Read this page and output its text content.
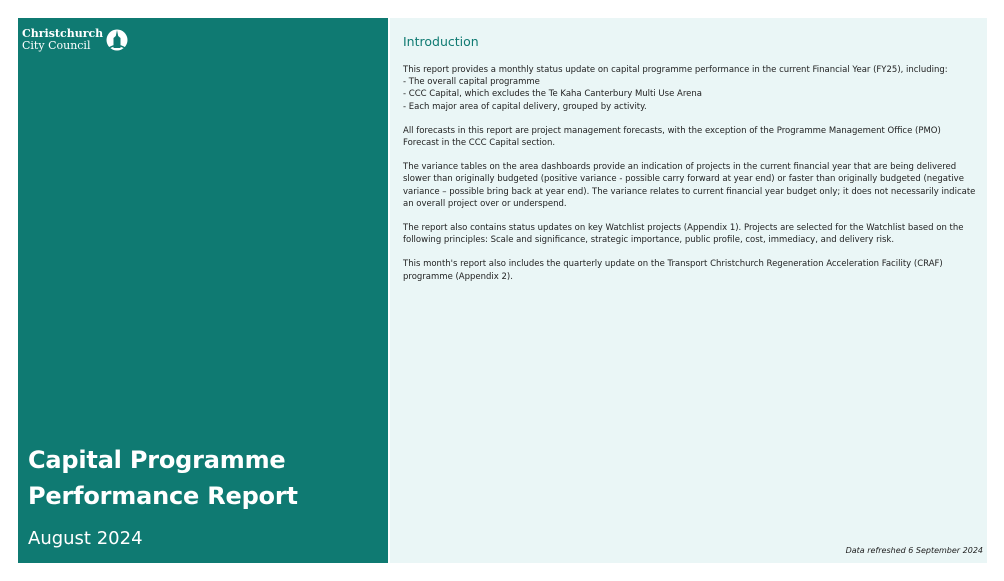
Christchurch
City Council
Capital Programme
Performance Report
August 2024
Introduction

This report provides a monthly status update on capital programme performance in the current Financial Year (FY25), including:
- The overall capital programme
- CCC Capital, which excludes the Te Kaha Canterbury Multi Use Arena
- Each major area of capital delivery, grouped by activity.

All forecasts in this report are project management forecasts, with the exception of the Programme Management Office (PMO) Forecast in the CCC Capital section.

The variance tables on the area dashboards provide an indication of projects in the current financial year that are being delivered slower than originally budgeted (positive variance - possible carry forward at year end) or faster than originally budgeted (negative variance – possible bring back at year end). The variance relates to current financial year budget only; it does not necessarily indicate an overall project over or underspend.

The report also contains status updates on key Watchlist projects (Appendix 1). Projects are selected for the Watchlist based on the following principles: Scale and significance, strategic importance, public profile, cost, immediacy, and delivery risk.

This month's report also includes the quarterly update on the Transport Christchurch Regeneration Acceleration Facility (CRAF) programme (Appendix 2).

Data refreshed 6 September 2024
